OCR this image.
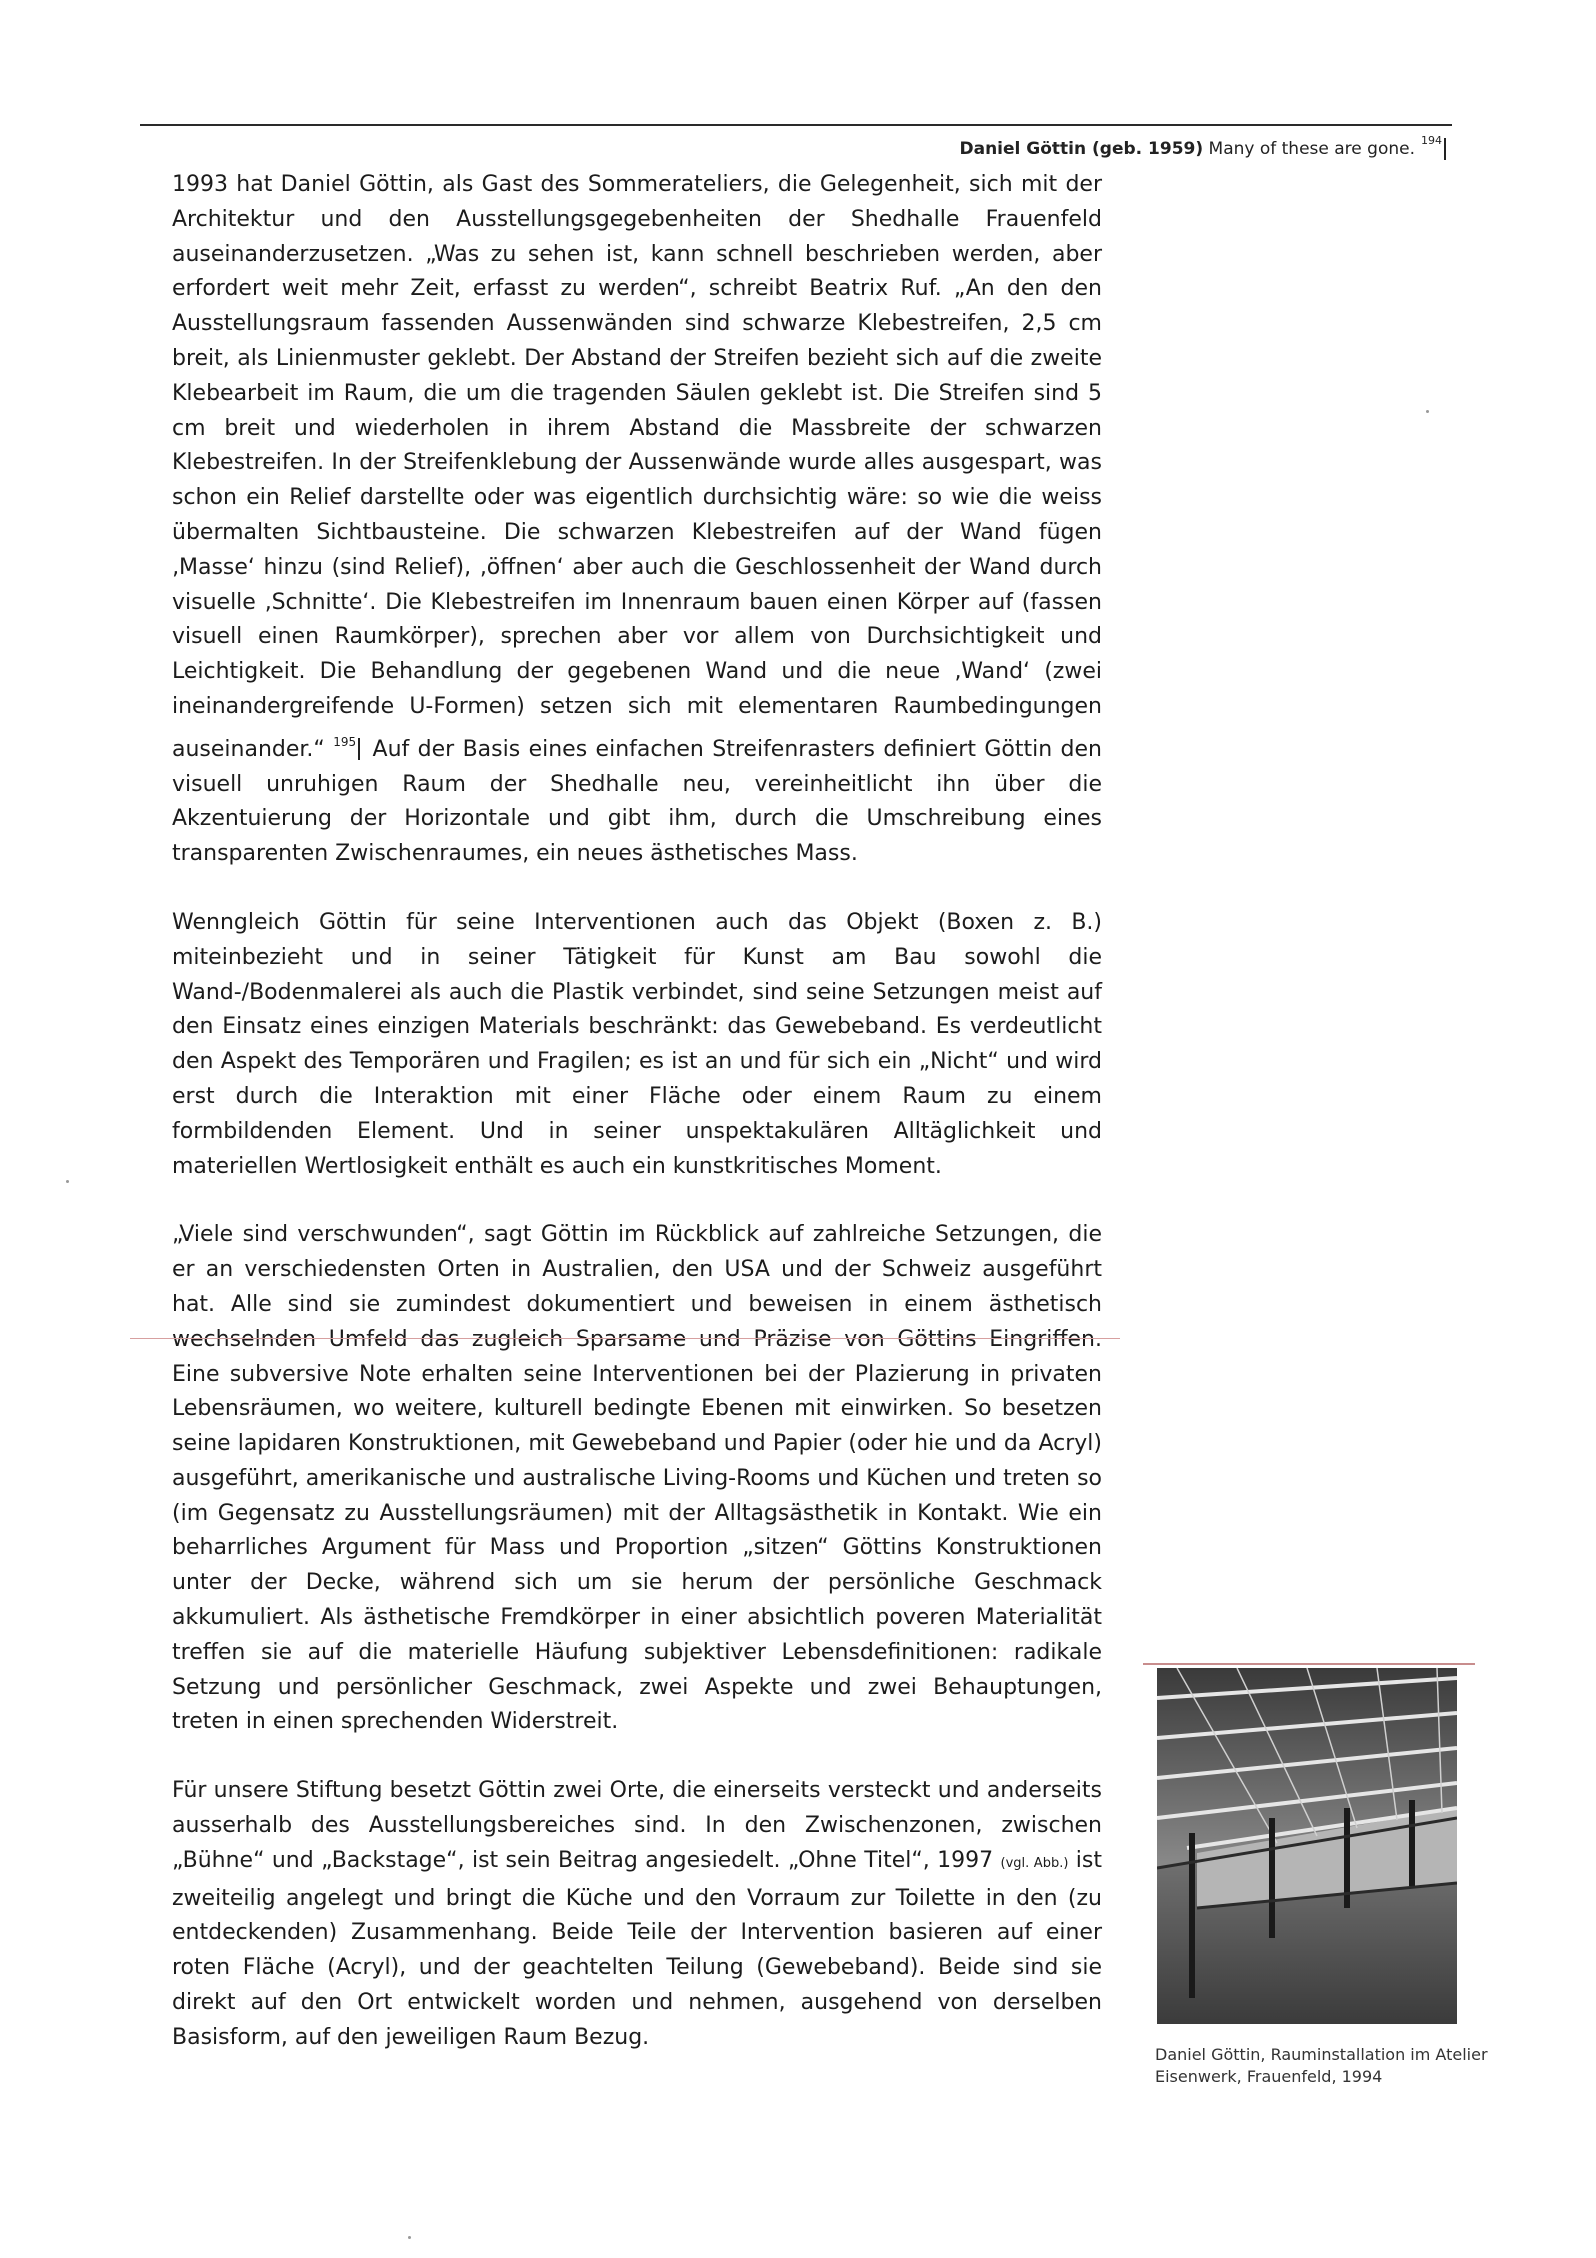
Daniel Göttin (geb. 1959) Many of these are gone. $^{194}$

1993 hat Daniel Göttin, als Gast des Sommerateliers, die Gelegenheit, sich mit der Architektur und den Ausstellungsgegebenheiten der Shedhalle Frauenfeld auseinanderzusetzen. „Was zu sehen ist, kann schnell beschrieben werden, aber erfordert weit mehr Zeit, erfasst zu werden“, schreibt Beatrix Ruf. „An den den Ausstellungsraum fassenden Aussenwänden sind schwarze Klebestreifen, 2,5 cm breit, als Linienmuster geklebt. Der Abstand der Streifen bezieht sich auf die zweite Klebearbeit im Raum, die um die tragenden Säulen geklebt ist. Die Streifen sind 5 cm breit und wiederholen in ihrem Abstand die Massbreite der schwarzen Klebestreifen. In der Streifenklebung der Aussenwände wurde alles ausgespart, was schon ein Relief darstellte oder was eigentlich durchsichtig wäre: so wie die weiss übermalten Sichtbausteine. Die schwarzen Klebestreifen auf der Wand fügen ‚Masse‘ hinzu (sind Relief), ‚öffnen‘ aber auch die Geschlossenheit der Wand durch visuelle ‚Schnitte‘. Die Klebestreifen im Innenraum bauen einen Körper auf (fassen visuell einen Raumkörper), sprechen aber vor allem von Durchsichtigkeit und Leichtigkeit. Die Behandlung der gegebenen Wand und die neue ‚Wand‘ (zwei ineinandergreifende U-Formen) setzen sich mit elementaren Raumbedingungen auseinander.“ $^{195}$ Auf der Basis eines einfachen Streifenrasters definiert Göttin den visuell unruhigen Raum der Shedhalle neu, vereinheitlicht ihn über die Akzentuierung der Horizontale und gibt ihm, durch die Umschreibung eines transparenten Zwischenraumes, ein neues ästhetisches Mass.

Wenngleich Göttin für seine Interventionen auch das Objekt (Boxen z. B.) miteinbezieht und in seiner Tätigkeit für Kunst am Bau sowohl die Wand-/Bodenmalerei als auch die Plastik verbindet, sind seine Setzungen meist auf den Einsatz eines einzigen Materials beschränkt: das Gewebeband. Es verdeutlicht den Aspekt des Temporären und Fragilen; es ist an und für sich ein „Nicht“ und wird erst durch die Interaktion mit einer Fläche oder einem Raum zu einem formbildenden Element. Und in seiner unspektakulären Alltäglichkeit und materiellen Wertlosigkeit enthält es auch ein kunstkritisches Moment.

„Viele sind verschwunden“, sagt Göttin im Rückblick auf zahlreiche Setzungen, die er an verschiedensten Orten in Australien, den USA und der Schweiz ausgeführt hat. Alle sind sie zumindest dokumentiert und beweisen in einem ästhetisch wechselnden Umfeld das zugleich Sparsame und Präzise von Göttins Eingriffen. Eine subversive Note erhalten seine Interventionen bei der Plazierung in privaten Lebensräumen, wo weitere, kulturell bedingte Ebenen mit einwirken. So besetzen seine lapidaren Konstruktionen, mit Gewebeband und Papier (oder hie und da Acryl) ausgeführt, amerikanische und australische Living-Rooms und Küchen und treten so (im Gegensatz zu Ausstellungsräumen) mit der Alltagsästhetik in Kontakt. Wie ein beharrliches Argument für Mass und Proportion „sitzen“ Göttins Konstruktionen unter der Decke, während sich um sie herum der persönliche Geschmack akkumuliert. Als ästhetische Fremdkörper in einer absichtlich poveren Materialität treffen sie auf die materielle Häufung subjektiver Lebensdefinitionen: radikale Setzung und persönlicher Geschmack, zwei Aspekte und zwei Behauptungen, treten in einen sprechenden Widerstreit.

Für unsere Stiftung besetzt Göttin zwei Orte, die einerseits versteckt und anderseits ausserhalb des Ausstellungsbereiches sind. In den Zwischenzonen, zwischen „Bühne“ und „Backstage“, ist sein Beitrag angesiedelt. „Ohne Titel“, 1997 (vgl. Abb.) ist zweiteilig angelegt und bringt die Küche und den Vorraum zur Toilette in den (zu entdeckenden) Zusammenhang. Beide Teile der Intervention basieren auf einer roten Fläche (Acryl), und der geachtelten Teilung (Gewebeband). Beide sind sie direkt auf den Ort entwickelt worden und nehmen, ausgehend von derselben Basisform, auf den jeweiligen Raum Bezug.

Daniel Göttin, Rauminstallation im Atelier Eisenwerk, Frauenfeld, 1994
